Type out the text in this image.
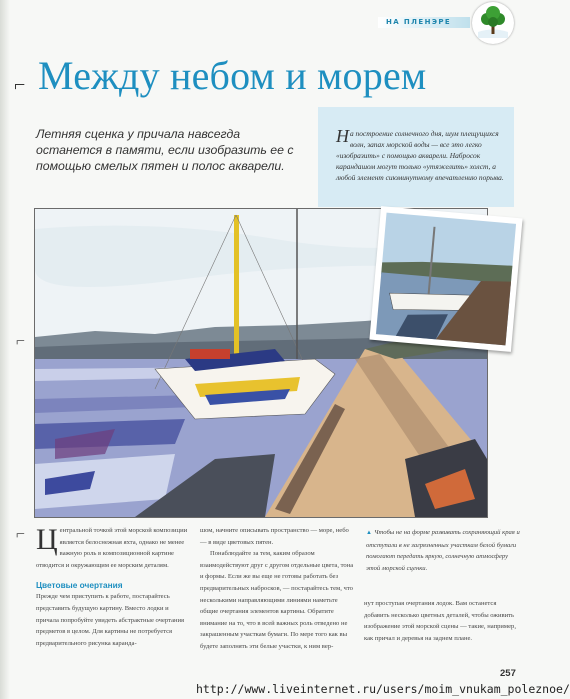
НА ПЛЕНЭРЕ
⌐ Между небом и морем
Летняя сценка у причала навсегда останется в памяти, если изобразить ее с помощью смелых пятен и полос акварели.
Н а построение солнечного дня, шум плещущихся волн, запах морской воды — все это легко «изобразить» с помощью акварели. Набросок карандашом могут только «утяжелить» холст, а любой элемент сиюминутному впечатлению порыва.
⌐
⌐ Ц ентральной точкой этой морской композиции является белоснежная яхта, однако не менее важную роль в композиционной картине отводится и окружающим ее морским деталям.
Цветовые очертания
Прежде чем приступить к работе, постарайтесь представить будущую картину. Вместо лодки и причала попробуйте увидеть абстрактные очертания предметов в целом. Для картины не потребуется предварительного рисунка каранда-
шом, начните описывать пространство — море, небо — в виде цветовых пятен.
Понаблюдайте за тем, каким образом взаимодействуют друг с другом отдельные цвета, тона и формы. Если же вы еще не готовы работать без предварительных набросков, — постарайтесь тем, что несколькими направляющими линиями наметьте общие очертания элементов картины. Обратите внимание на то, что в всей важных роль отведено не закрашенным участкам бумаги. По мере того как вы будете заполнять эти белые участки, к ним вер-
▲ Чтобы не на форме развивать сохраняющий края и отступали в не загрязненных участкам белой бумаги помогают передать яркую, солнечную атмосферу этой морской сценки.
нут проступая очертания лодок. Вам останется добавить несколько цветных деталей, чтобы оживить изображение этой морской сцены — такие, например, как причал и деревья на заднем плане.
257
http://www.liveinternet.ru/users/moim_vnukam_poleznoe/
